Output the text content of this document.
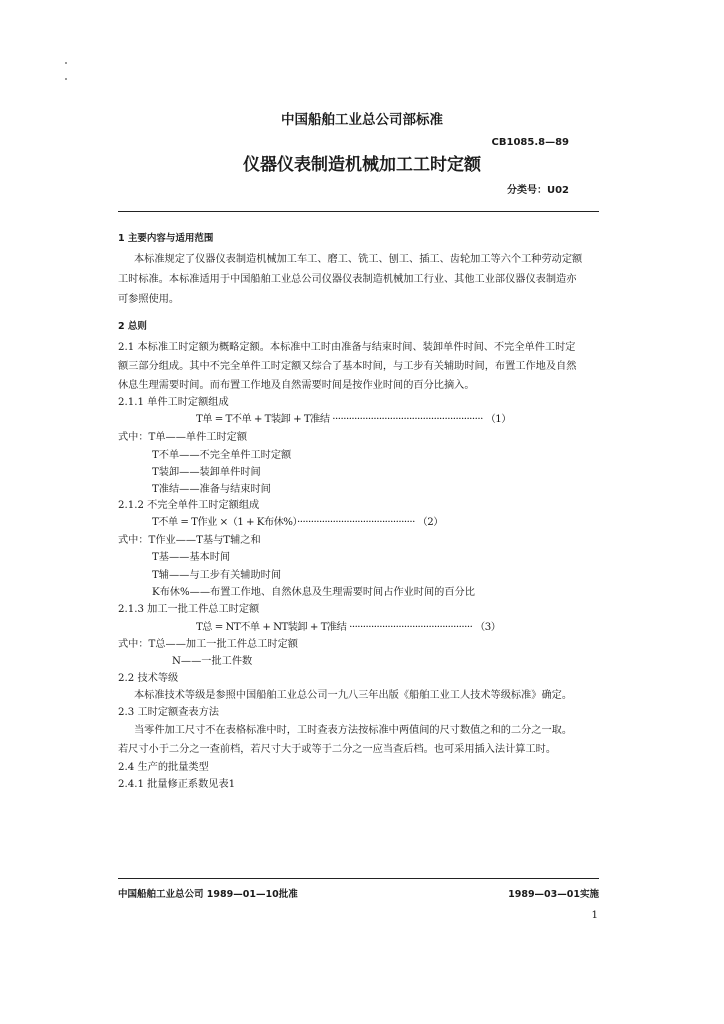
中国船舶工业总公司部标准
CB1085.8—89
仪器仪表制造机械加工工时定额
分类号：U02
1 主要内容与适用范围
本标准规定了仪器仪表制造机械加工车工、磨工、铣工、刨工、插工、齿轮加工等六个工种劳动定额
工时标准。本标准适用于中国船舶工业总公司仪器仪表制造机械加工行业、其他工业部仪器仪表制造亦
可参照使用。
2 总则
2.1 本标准工时定额为概略定额。本标准中工时由准备与结束时间、装卸单件时间、不完全单件工时定
额三部分组成。其中不完全单件工时定额又综合了基本时间，与工步有关辅助时间，布置工作地及自然
休息生理需要时间。而布置工作地及自然需要时间是按作业时间的百分比摘入。
2.1.1 单件工时定额组成
T单 = T不单 + T装卸 + T准结 ······················································· （1）
式中：T单——单件工时定额
T不单——不完全单件工时定额
T装卸——装卸单件时间
T准结——准备与结束时间
2.1.2 不完全单件工时定额组成
T不单 = T作业 ×（1 + K布休%）··········································· （2）
式中：T作业——T基与T辅之和
T基——基本时间
T辅——与工步有关辅助时间
K布休%——布置工作地、自然休息及生理需要时间占作业时间的百分比
2.1.3 加工一批工件总工时定额
T总 = NT不单 + NT装卸 + T准结 ············································· （3）
式中：T总——加工一批工件总工时定额
N——一批工件数
2.2 技术等级
本标准技术等级是参照中国船舶工业总公司一九八三年出版《船舶工业工人技术等级标准》确定。
2.3 工时定额查表方法
当零件加工尺寸不在表格标准中时，工时查表方法按标准中两值间的尺寸数值之和的二分之一取。
若尺寸小于二分之一查前档，若尺寸大于或等于二分之一应当查后档。也可采用插入法计算工时。
2.4 生产的批量类型
2.4.1 批量修正系数见表1
中国船舶工业总公司 1989—01—10批准	1989—03—01实施
1
